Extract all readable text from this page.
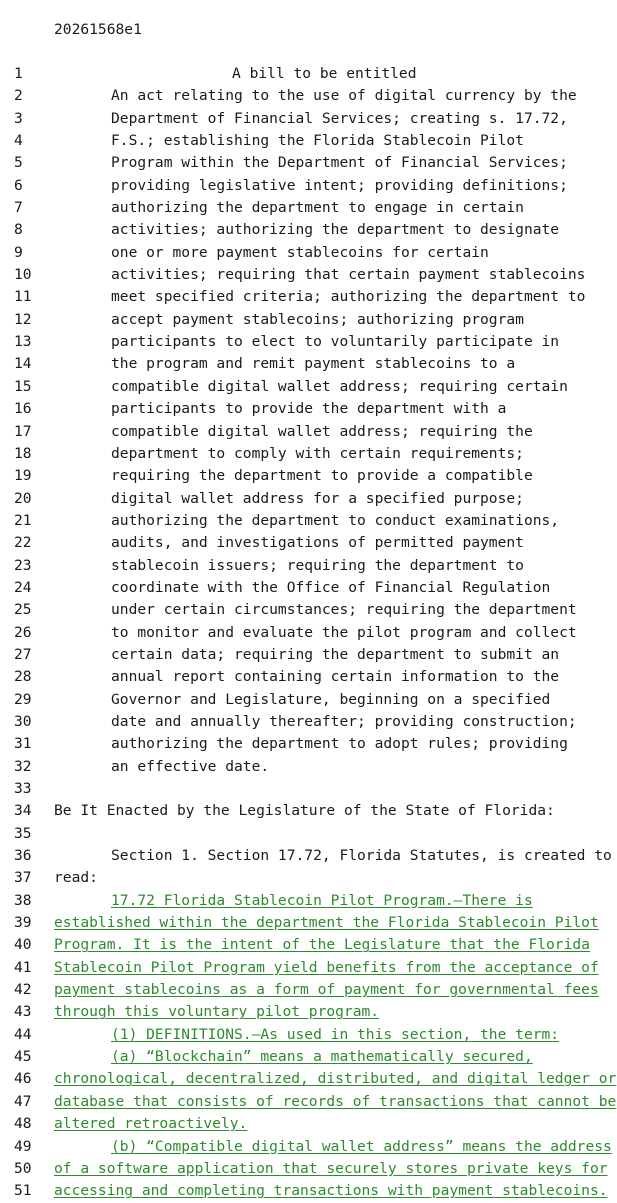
20261568e1
1	A bill to be entitled
2	An act relating to the use of digital currency by the
3	Department of Financial Services; creating s. 17.72,
4	F.S.; establishing the Florida Stablecoin Pilot
5	Program within the Department of Financial Services;
6	providing legislative intent; providing definitions;
7	authorizing the department to engage in certain
8	activities; authorizing the department to designate
9	one or more payment stablecoins for certain
10	activities; requiring that certain payment stablecoins
11	meet specified criteria; authorizing the department to
12	accept payment stablecoins; authorizing program
13	participants to elect to voluntarily participate in
14	the program and remit payment stablecoins to a
15	compatible digital wallet address; requiring certain
16	participants to provide the department with a
17	compatible digital wallet address; requiring the
18	department to comply with certain requirements;
19	requiring the department to provide a compatible
20	digital wallet address for a specified purpose;
21	authorizing the department to conduct examinations,
22	audits, and investigations of permitted payment
23	stablecoin issuers; requiring the department to
24	coordinate with the Office of Financial Regulation
25	under certain circumstances; requiring the department
26	to monitor and evaluate the pilot program and collect
27	certain data; requiring the department to submit an
28	annual report containing certain information to the
29	Governor and Legislature, beginning on a specified
30	date and annually thereafter; providing construction;
31	authorizing the department to adopt rules; providing
32	an effective date.
33
34	Be It Enacted by the Legislature of the State of Florida:
35
36	Section 1. Section 17.72, Florida Statutes, is created to
37	read:
38	17.72 Florida Stablecoin Pilot Program.—There is
39	established within the department the Florida Stablecoin Pilot
40	Program. It is the intent of the Legislature that the Florida
41	Stablecoin Pilot Program yield benefits from the acceptance of
42	payment stablecoins as a form of payment for governmental fees
43	through this voluntary pilot program.
44	(1) DEFINITIONS.—As used in this section, the term:
45	(a) “Blockchain” means a mathematically secured,
46	chronological, decentralized, distributed, and digital ledger or
47	database that consists of records of transactions that cannot be
48	altered retroactively.
49	(b) “Compatible digital wallet address” means the address
50	of a software application that securely stores private keys for
51	accessing and completing transactions with payment stablecoins.
